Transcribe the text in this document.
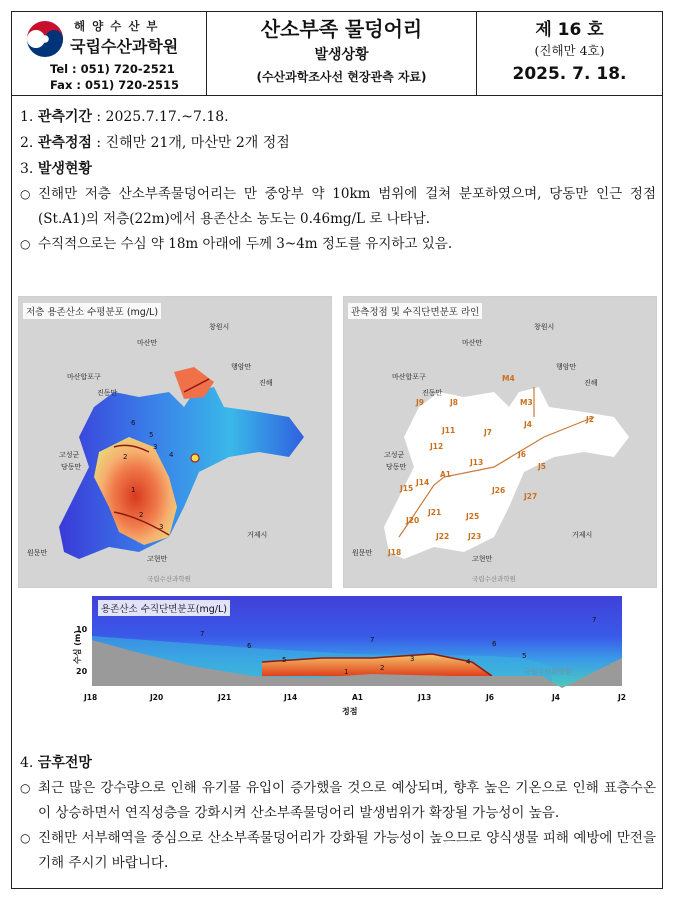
해양수산부
국립수산과학원
Tel : 051) 720-2521
Fax : 051) 720-2515
산소부족 물덩어리
발생상황
(수산과학조사선 현장관측 자료)
제 16 호
(진해만 4호)
2025. 7. 18.
1. 관측기간 : 2025.7.17.~7.18.
2. 관측정점 : 진해만 21개, 마산만 2개 정점
3. 발생현황
○ 진해만 저층 산소부족물덩어리는 만 중앙부 약 10km 범위에 걸쳐 분포하였으며, 당동만 인근 정점(St.A1)의 저층(22m)에서 용존산소 농도는 0.46mg/L 로 나타남.
○ 수직적으로는 수심 약 18m 아래에 두께 3~4m 정도를 유지하고 있음.
창원시
마산만
행암만
진해
마산합포구
진동만
고성군
당동만
거제시
원문만
고현만
1
2
3
4
5
6
2
3
국립수산과학원
저층 용존산소 수평분포 (mg/L)
창원시
마산만
행암만
진해
마산합포구
진동만
고성군
당동만
거제시
원문만
고현만
M4
M3
J9	J8
J11	J7
J4
J2
J12
J6
J13	J5
A1
J14
J15	J26
J27
J21	J25
J20
J22	J23
J18
국립수산과학원
관측정점 및 수직단면분포 라인
7
6
7	6
5	5
4
3
2
1
7
국립수산과학원
10
20
수심 (m)
J18	J20	J21	J14	A1	J13	J6	J4	J2
정점
용존산소 수직단면분포(mg/L)
4. 금후전망
○ 최근 많은 강수량으로 인해 유기물 유입이 증가했을 것으로 예상되며, 향후 높은 기온으로 인해 표층수온이 상승하면서 연직성층을 강화시켜 산소부족물덩어리 발생범위가 확장될 가능성이 높음.
○ 진해만 서부해역을 중심으로 산소부족물덩어리가 강화될 가능성이 높으므로 양식생물 피해 예방에 만전을 기해 주시기 바랍니다.
